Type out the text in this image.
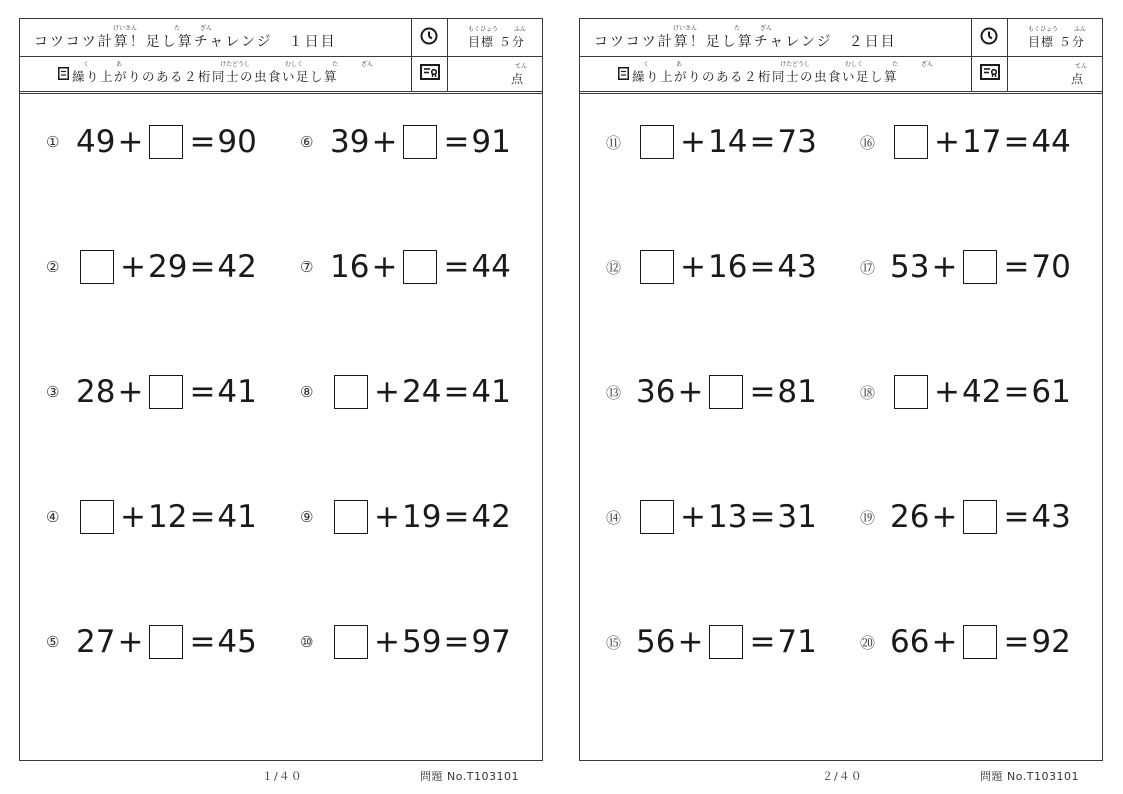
けいさん	た	ざん
コツコツ計算！足し算チャレンジ　１日目
く	あ	けたどうし	むしく	た	ざん
繰り上がりのある２桁同士の虫食い足し算
もくひょう	ふん
目標 ５分
てん
点
① 49 + = 90
②	+ 29 = 42
③ 28 + = 41
④	+ 12 = 41
⑤ 27 + = 45
⑥ 39 + = 91
⑦ 16 + = 44
⑧	+ 24 = 41
⑨	+ 19 = 42
⑩	+ 59 = 97
けいさん	た	ざん
コツコツ計算！足し算チャレンジ　２日目
く	あ	けたどうし	むしく	た	ざん
繰り上がりのある２桁同士の虫食い足し算
もくひょう	ふん
目標 ５分
てん
点
⑪	+ 14 = 73
⑫	+ 16 = 43
⑬ 36 + = 81
⑭	+ 13 = 31
⑮ 56 + = 71
⑯	+ 17 = 44
⑰ 53 + = 70
⑱	+ 42 = 61
⑲ 26 + = 43
⑳ 66 + = 92
１/４０	問題 No.T103101	２/４０	問題 No.T103101
